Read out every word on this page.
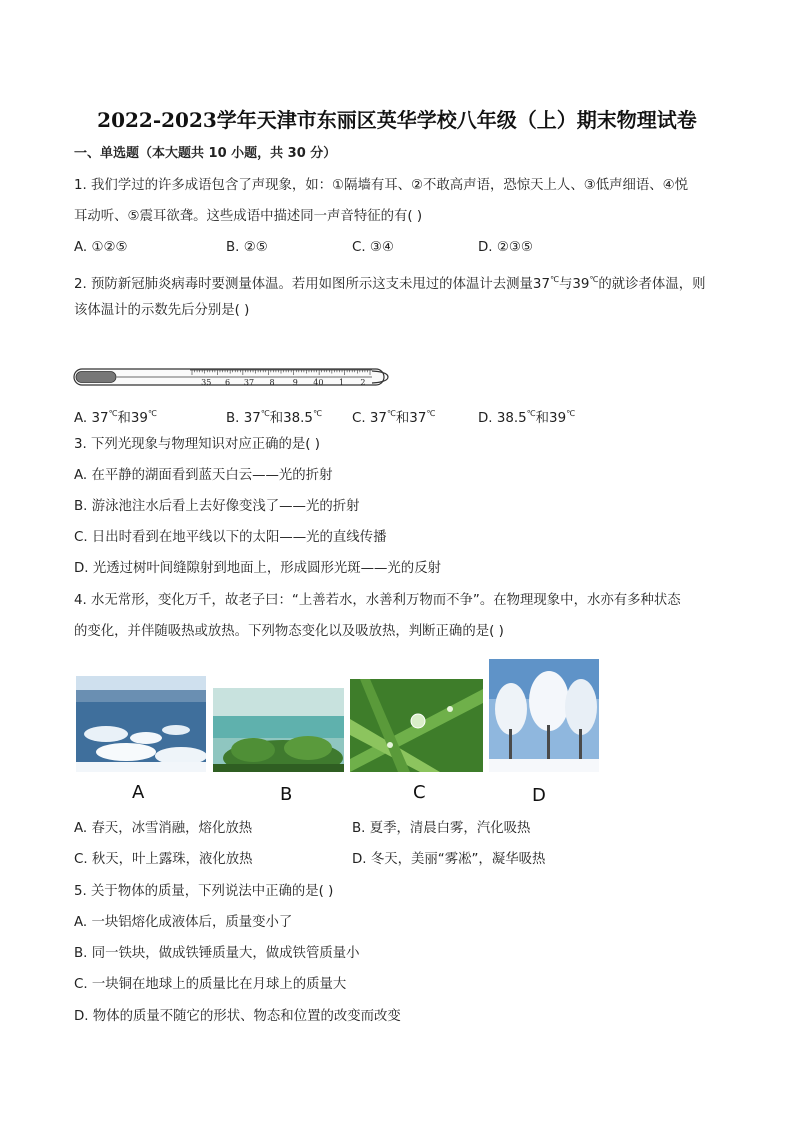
2022-2023学年天津市东丽区英华学校八年级（上）期末物理试卷
一、单选题（本大题共 10 小题，共 30 分）
1. 我们学过的许多成语包含了声现象，如：①隔墙有耳、②不敢高声语，恐惊天上人、③低声细语、④悦
耳动听、⑤震耳欲聋。这些成语中描述同一声音特征的有( )
A. ①②⑤	B. ②⑤	C. ③④	D. ②③⑤
2. 预防新冠肺炎病毒时要测量体温。若用如图所示这支未甩过的体温计去测量37℃与39℃的就诊者体温，则
该体温计的示数先后分别是( )
35 6 37 8 9 40 1 2
A. 37℃和39℃	B. 37℃和38.5℃ C. 37℃和37℃	D. 38.5℃和39℃
3. 下列光现象与物理知识对应正确的是( )
A. 在平静的湖面看到蓝天白云——光的折射
B. 游泳池注水后看上去好像变浅了——光的折射
C. 日出时看到在地平线以下的太阳——光的直线传播
D. 光透过树叶间缝隙射到地面上，形成圆形光斑——光的反射
4. 水无常形，变化万千，故老子曰：“上善若水，水善利万物而不争”。在物理现象中，水亦有多种状态
的变化，并伴随吸热或放热。下列物态变化以及吸放热，判断正确的是( )
A	B	C	D
A. 春天，冰雪消融，熔化放热	B. 夏季，清晨白雾，汽化吸热
C. 秋天，叶上露珠，液化放热	D. 冬天，美丽“雾凇”，凝华吸热
5. 关于物体的质量，下列说法中正确的是( )
A. 一块铝熔化成液体后，质量变小了
B. 同一铁块，做成铁锤质量大，做成铁管质量小
C. 一块铜在地球上的质量比在月球上的质量大
D. 物体的质量不随它的形状、物态和位置的改变而改变
